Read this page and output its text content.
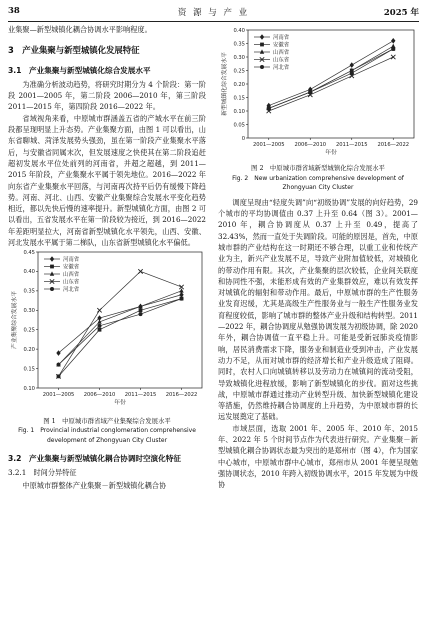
38	资 源 与 产 业	2025 年

业集聚—新型城镇化耦合协调水平影响程度。

3　产业集聚与新型城镇化发展特征
3.1　产业集聚与新型城镇化综合发展水平

为准确分析波动趋势，将研究时期分为 4 个阶段：第一阶段 2001—2005 年，第二阶段 2006—2010 年，第三阶段 2011—2015 年，第四阶段 2016—2022 年。

省域视角来看，中原城市群涵盖五省的产城水平在前三阶段都呈现明显上升态势。产业集聚方面，由图 1 可以看出，山东省聊城、菏泽发展势头强劲，虽在第一阶段产业集聚水平落后，与安徽省同属末次，但发展速度之快使其在第二阶段追赶超初发展水平位处前列的河南省，并超之超越，到 2011—2015 年阶段，产业集聚水平属于领先地位。2016—2022 年向东省产业集聚水平回落，与河南再次持平后仍有缓慢下降趋势。河南、河北、山西、安徽产业集聚综合发展水平变化趋势相近，都以先快后慢的速率提升。新型城镇化方面，由图 2 可以看出，五省发展水平在第一阶段较为接近，到 2016—2022 年差距明显拉大，河南省新型城镇化水平领先，山西、安徽、河北发展水平属于第二梯队，山东省新型城镇化水平偏低。

0.10
0.15
0.20
0.25
0.30
0.35
0.40
0.45
2001—2005 2006—2010 2011—2015 2016—2022
年份
产业集聚综合发展水平
河南省
安徽省
山西省
山东省
河北省
图 1　中原城市群省域产业集聚综合发展水平
Fig. 1　Provincial industrial conglomeration comprehensive
development of Zhongyuan City Cluster
3.2　产业集聚与新型城镇化耦合协调时空演化特征
3.2.1　时间分异特征

中原城市群整体产业集聚－新型城镇化耦合协

0
0.05
0.10
0.15
0.20
0.25
0.30
0.35
0.40
2001—2005 2006—2010 2011—2015 2016—2022
年份
新型城镇化综合发展水平
河南省
安徽省
山西省
山东省
河北省
图 2　中原城市群省域新型城镇化综合发展水平
Fig. 2　New urbanization comprehensive development of
Zhongyuan City Cluster

调度呈现由“轻度失调”向“初级协调”发展的向好趋势，29 个城市的平均协调值由 0.37 上升至 0.64（图 3）。2001—2010 年，耦合协调度从 0.37 上升至 0.49，提高了 32.43%，然而一直处于失调阶段。可能的原因是，首先，中原城市群的产业结构在这一时期还不够合理，以重工业和传统产业为主，新兴产业发展不足，导致产业附加值较低，对城镇化的带动作用有限。其次，产业集聚的层次较低，企业间关联度和协同性不强，未能形成有效的产业集群效应，难以有效发挥对城镇化的辐射和带动作用。最后，中原城市群的生产性服务业发育迟缓，尤其是高级生产性服务业与一般生产性服务业发育程度较低，影响了城市群的整体产业升级和结构转型。2011—2022 年，耦合协调度从勉强协调发展为初级协调，除 2020 年外，耦合协调值一直平稳上升。可能是受新冠肺炎疫情影响，居民消费需求下降，服务业和制造业受到冲击，产业发展动力不足，从而对城市群的经济增长和产业升级造成了阻碍。同时，农村人口向城镇转移以及劳动力在城镇间的流动受阻，导致城镇化进程放缓，影响了新型城镇化的步伐。面对这些挑战，中原城市群通过推动产业转型升级、加快新型城镇化建设等措施，仍然维持耦合协调度的上升趋势，为中原城市群的长远发展奠定了基础。

市域层面，选取 2001 年、2005 年、2010 年、2015 年、2022 年 5 个时间节点作为代表进行研究。产业集聚－新型城镇化耦合协调状态最为突出的是郑州市（图 4），作为国家中心城市，中原城市群中心城市，郑州市从 2001 年便呈现勉强协调状态，2010 年跨入初级协调水平，2015 年发展为中级协
